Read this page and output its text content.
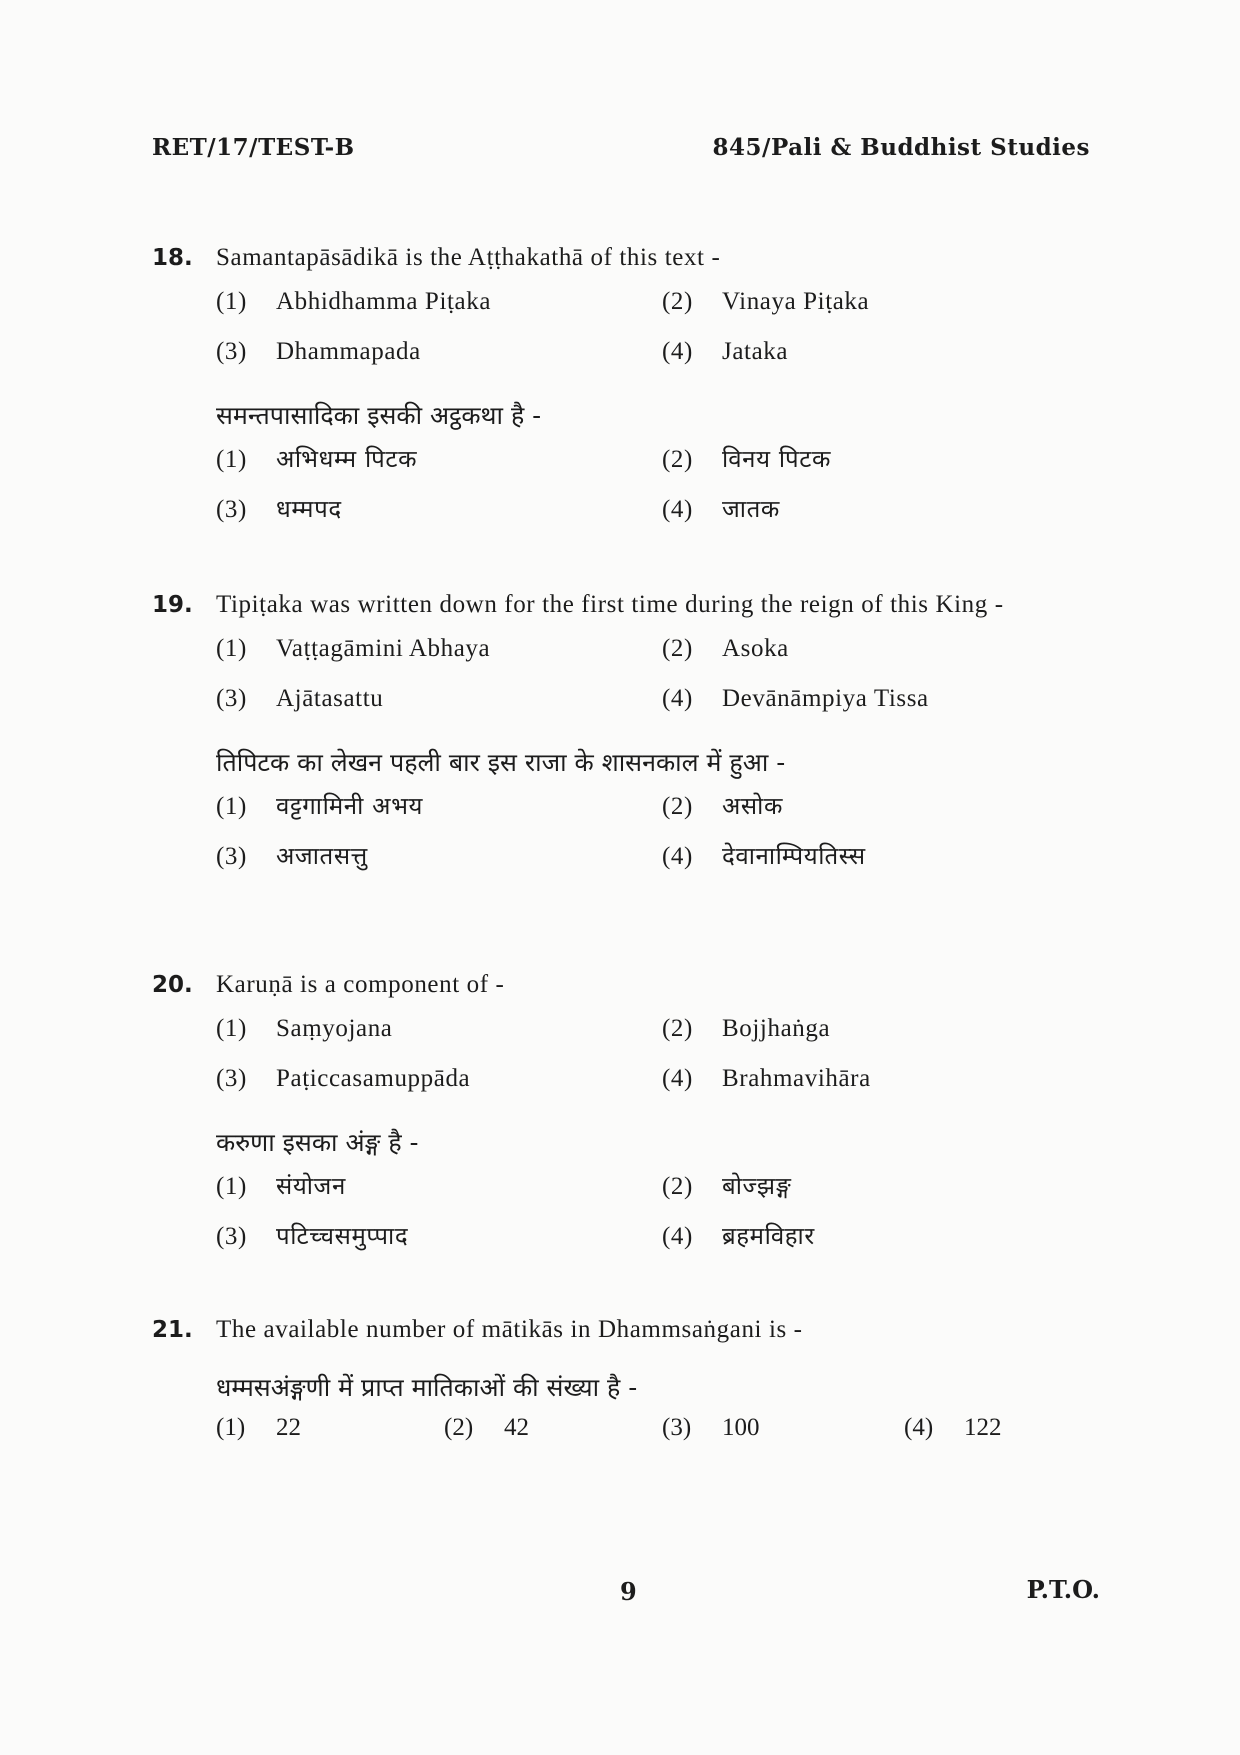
RET/17/TEST-B	845/Pali & Buddhist Studies
18. Samantapāsādikā is the Aṭṭhakathā of this text -
(1) Abhidhamma Piṭaka	(2) Vinaya Piṭaka
(3) Dhammapada	(4) Jataka
समन्तपासादिका इसकी अट्ठकथा है -
(1) अभिधम्म पिटक	(2) विनय पिटक
(3) धम्मपद	(4) जातक
19. Tipiṭaka was written down for the first time during the reign of this King -
(1) Vaṭṭagāmini Abhaya	(2) Asoka
(3) Ajātasattu	(4) Devānāmpiya Tissa
तिपिटक का लेखन पहली बार इस राजा के शासनकाल में हुआ -
(1) वट्टगामिनी अभय	(2) असोक
(3) अजातसत्तु	(4) देवानाम्पियतिस्स
20. Karuṇā is a component of -
(1) Saṃyojana	(2) Bojjhaṅga
(3) Paṭiccasamuppāda	(4) Brahmavihāra
करुणा इसका अंङ्ग है -
(1) संयोजन	(2) बोज्झङ्ग
(3) पटिच्चसमुप्पाद	(4) ब्रहमविहार
21. The available number of mātikās in Dhammsaṅgani is -
धम्मसअंङ्गणी में प्राप्त मातिकाओं की संख्या है -
(1) 22	(2) 42	(3) 100	(4) 122
9	P.T.O.
